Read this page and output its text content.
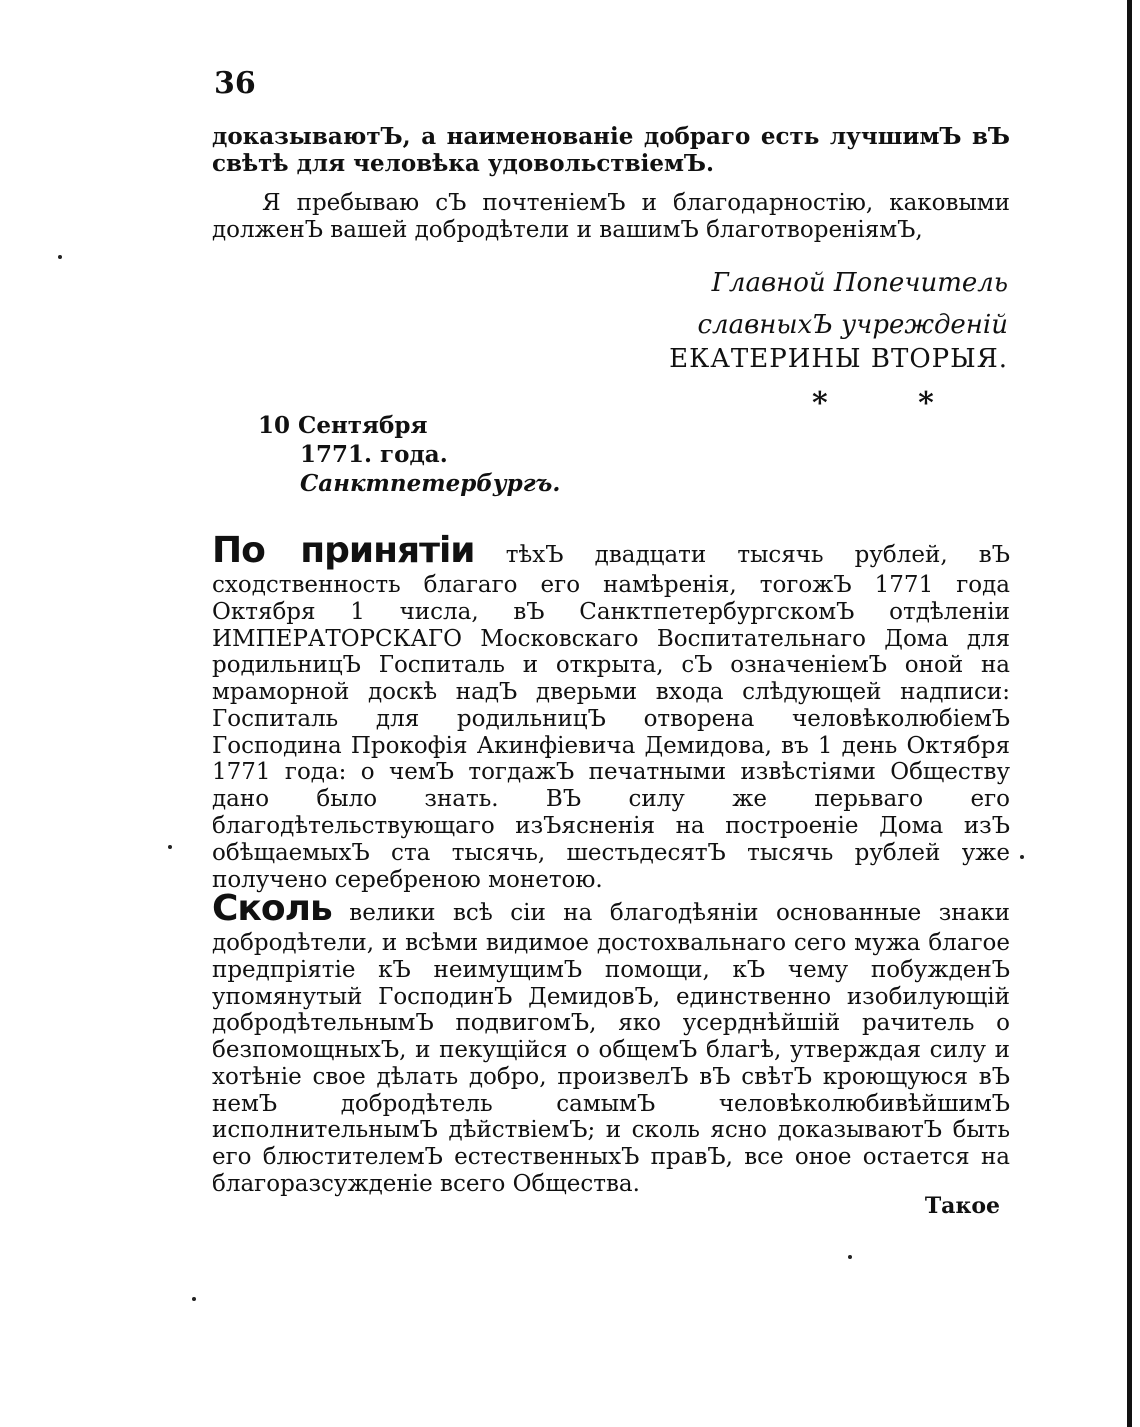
36
доказываютЪ, а наименованіе добраго есть лучшимЪ вЪ свѣтѣ для человѣка удовольствіемЪ.
Я пребываю сЪ почтеніемЪ и благодарностію, каковыми долженЪ вашей добродѣтели и вашимЪ благотвореніямЪ,
Главной Попечитель
славныхЪ учрежденій
ЕКАТЕРИНЫ ВТОРЫЯ.
* *
10 Сентября
1771. года.
Санктпетербургъ.
По принятіи тѣхЪ двадцати тысячь рублей, вЪ сходственность благаго его намѣренія, тогожЪ 1771 года Октября 1 числа, вЪ СанктпетербургскомЪ отдѣленіи ИМПЕРАТОРСКАГО Московскаго Воспитательнаго Дома для родильницЪ Госпиталь и открыта, сЪ означеніемЪ оной на мраморной доскѣ надЪ дверьми входа слѣдующей надписи: Госпиталь для родильницЪ отворена человѣколюбіемЪ Господина Прокофія Акинфіевича Демидова, въ 1 день Октября 1771 года: о чемЪ тогдажЪ печатными извѣстіями Обществу дано было знать. ВЪ силу же перьваго его благодѣтельствующаго изЪясненія на построеніе Дома изЪ обѣщаемыхЪ ста тысячь, шестьдесятЪ тысячь рублей уже получено серебреною монетою.
Сколь велики всѣ сіи на благодѣяніи основанные знаки добродѣтели, и всѣми видимое достохвальнаго сего мужа благое предпріятіе кЪ неимущимЪ помощи, кЪ чему побужденЪ упомянутый ГосподинЪ ДемидовЪ, единственно изобилующій добродѣтельнымЪ подвигомЪ, яко усерднѣйшій рачитель о безпомощныхЪ, и пекущійся о общемЪ благѣ, утверждая силу и хотѣніе свое дѣлать добро, произвелЪ вЪ свѣтЪ кроющуюся вЪ немЪ добродѣтель самымЪ человѣколюбивѣйшимЪ исполнительнымЪ дѣйствіемЪ; и сколь ясно доказываютЪ быть его блюстителемЪ естественныхЪ правЪ, все оное остается на благоразсужденіе всего Общества.
Такое
